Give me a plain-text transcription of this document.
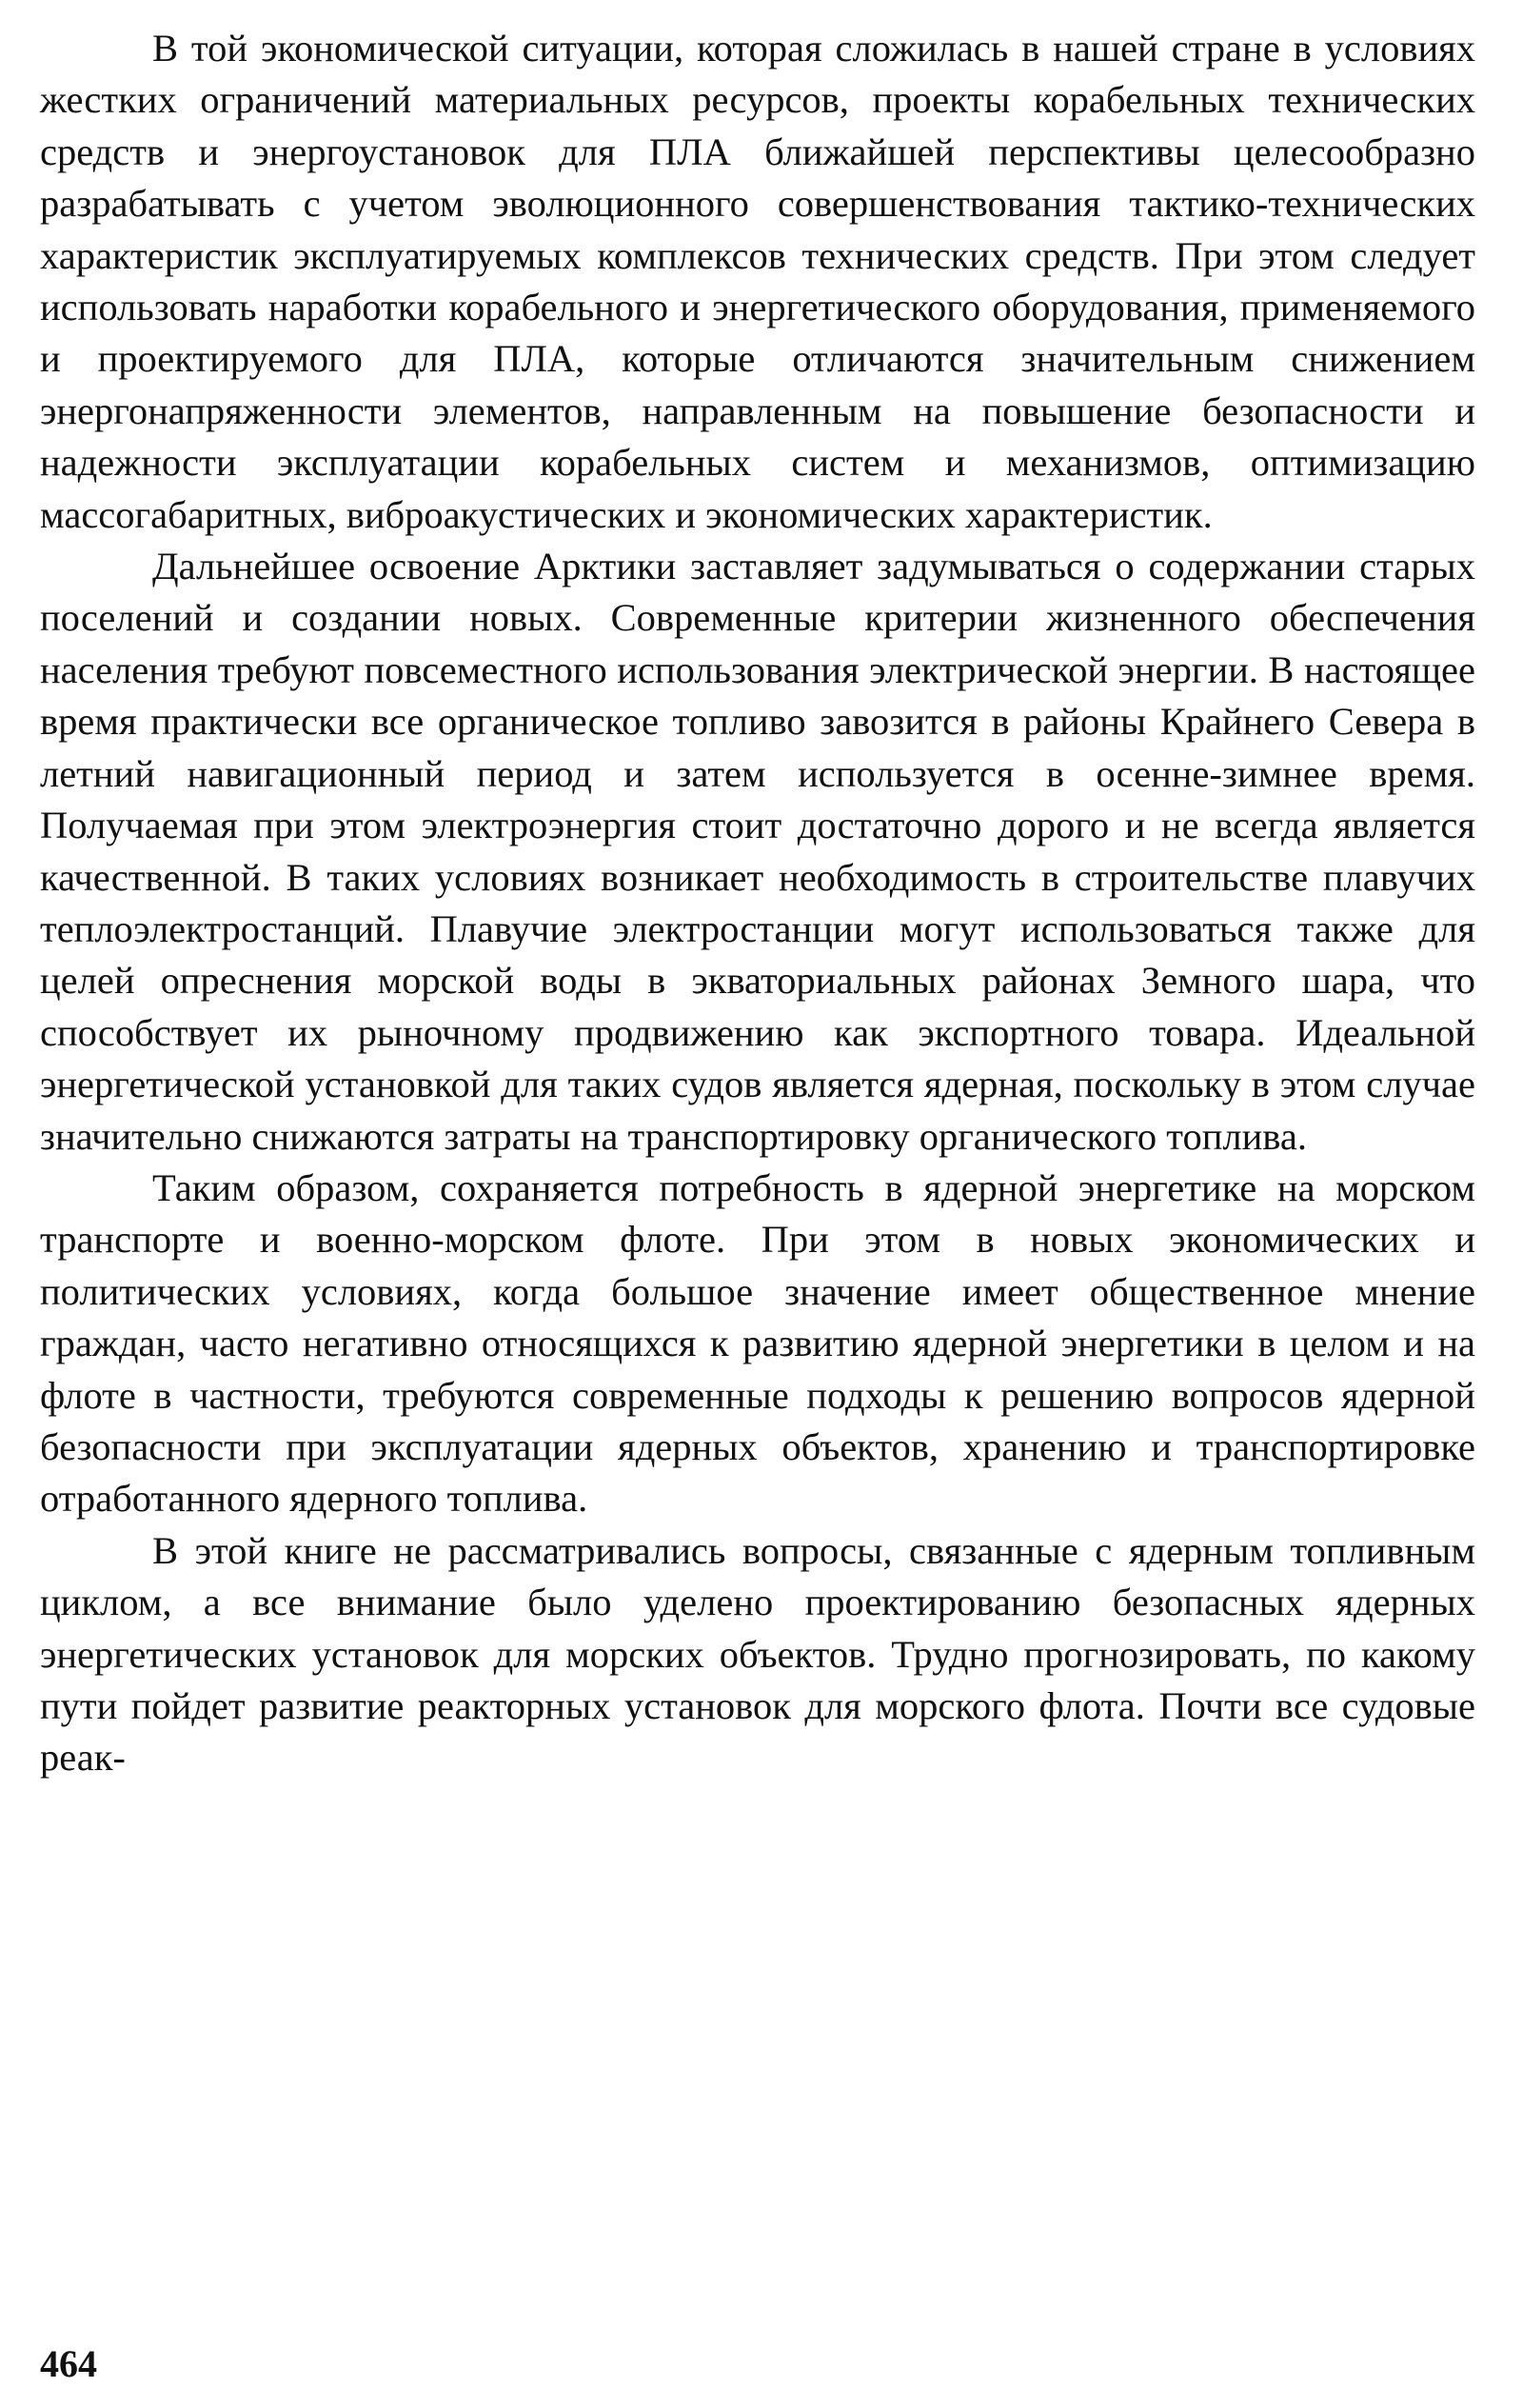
В той экономической ситуации, которая сложилась в нашей стране в условиях жестких ограничений материальных ресурсов, проекты корабельных технических средств и энергоустановок для ПЛА ближайшей перспективы целесообразно разрабатывать с учетом эволюционного совершенствования тактико-технических характеристик эксплуатируемых комплексов технических средств. При этом следует использовать наработки корабельного и энергетического оборудования, применяемого и проектируемого для ПЛА, которые отличаются значительным снижением энергонапряженности элементов, направленным на повышение безопасности и надежности эксплуатации корабельных систем и механизмов, оптимизацию массогабаритных, виброакустических и экономических характеристик.

Дальнейшее освоение Арктики заставляет задумываться о содержании старых поселений и создании новых. Современные критерии жизненного обеспечения населения требуют повсеместного использования электрической энергии. В настоящее время практически все органическое топливо завозится в районы Крайнего Севера в летний навигационный период и затем используется в осенне-зимнее время. Получаемая при этом электроэнергия стоит достаточно дорого и не всегда является качественной. В таких условиях возникает необходимость в строительстве плавучих теплоэлектростанций. Плавучие электростанции могут использоваться также для целей опреснения морской воды в экваториальных районах Земного шара, что способствует их рыночному продвижению как экспортного товара. Идеальной энергетической установкой для таких судов является ядерная, поскольку в этом случае значительно снижаются затраты на транспортировку органического топлива.

Таким образом, сохраняется потребность в ядерной энергетике на морском транспорте и военно-морском флоте. При этом в новых экономических и политических условиях, когда большое значение имеет общественное мнение граждан, часто негативно относящихся к развитию ядерной энергетики в целом и на флоте в частности, требуются современные подходы к решению вопросов ядерной безопасности при эксплуатации ядерных объектов, хранению и транспортировке отработанного ядерного топлива.

В этой книге не рассматривались вопросы, связанные с ядерным топливным циклом, а все внимание было уделено проектированию безопасных ядерных энергетических установок для морских объектов. Трудно прогнозировать, по какому пути пойдет развитие реакторных установок для морского флота. Почти все судовые реак-

464
